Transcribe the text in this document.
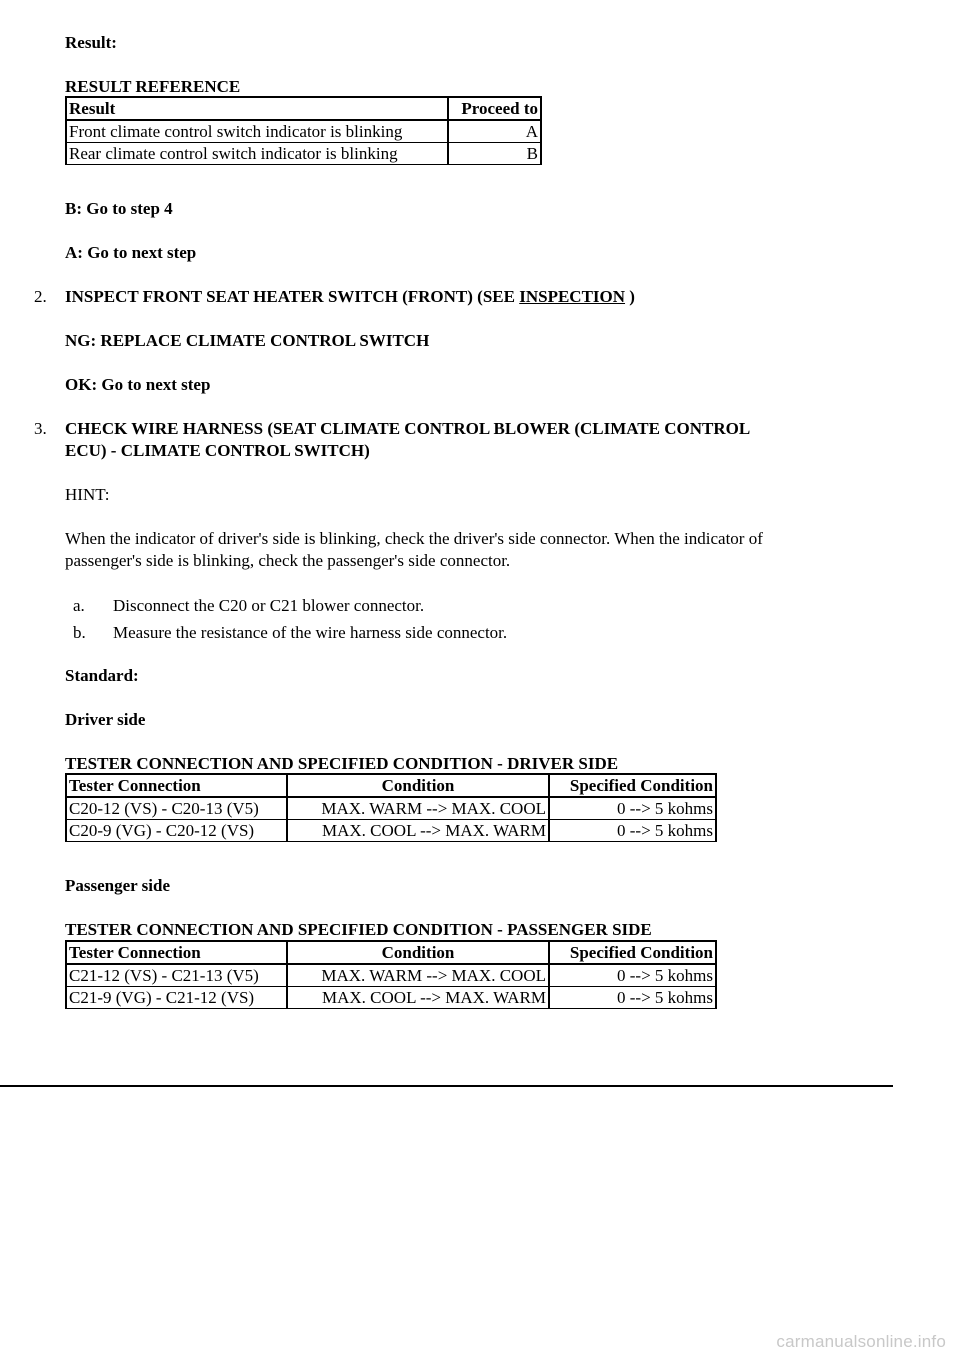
Result:
RESULT REFERENCE
Result	Proceed to
Front climate control switch indicator is blinking	A
Rear climate control switch indicator is blinking	B
B: Go to step 4
A: Go to next step
2. INSPECT FRONT SEAT HEATER SWITCH (FRONT) (SEE INSPECTION )
NG: REPLACE CLIMATE CONTROL SWITCH
OK: Go to next step
3. CHECK WIRE HARNESS (SEAT CLIMATE CONTROL BLOWER (CLIMATE CONTROL
ECU) - CLIMATE CONTROL SWITCH)
HINT:
When the indicator of driver's side is blinking, check the driver's side connector. When the indicator of
passenger's side is blinking, check the passenger's side connector.
a. Disconnect the C20 or C21 blower connector.
b. Measure the resistance of the wire harness side connector.
Standard:
Driver side
TESTER CONNECTION AND SPECIFIED CONDITION - DRIVER SIDE
Tester Connection	Condition	Specified Condition
C20-12 (VS) - C20-13 (V5)	MAX. WARM --> MAX. COOL	0 --> 5 kohms
C20-9 (VG) - C20-12 (VS)	MAX. COOL --> MAX. WARM	0 --> 5 kohms
Passenger side
TESTER CONNECTION AND SPECIFIED CONDITION - PASSENGER SIDE
Tester Connection	Condition	Specified Condition
C21-12 (VS) - C21-13 (V5)	MAX. WARM --> MAX. COOL	0 --> 5 kohms
C21-9 (VG) - C21-12 (VS)	MAX. COOL --> MAX. WARM	0 --> 5 kohms
carmanualsonline.info
